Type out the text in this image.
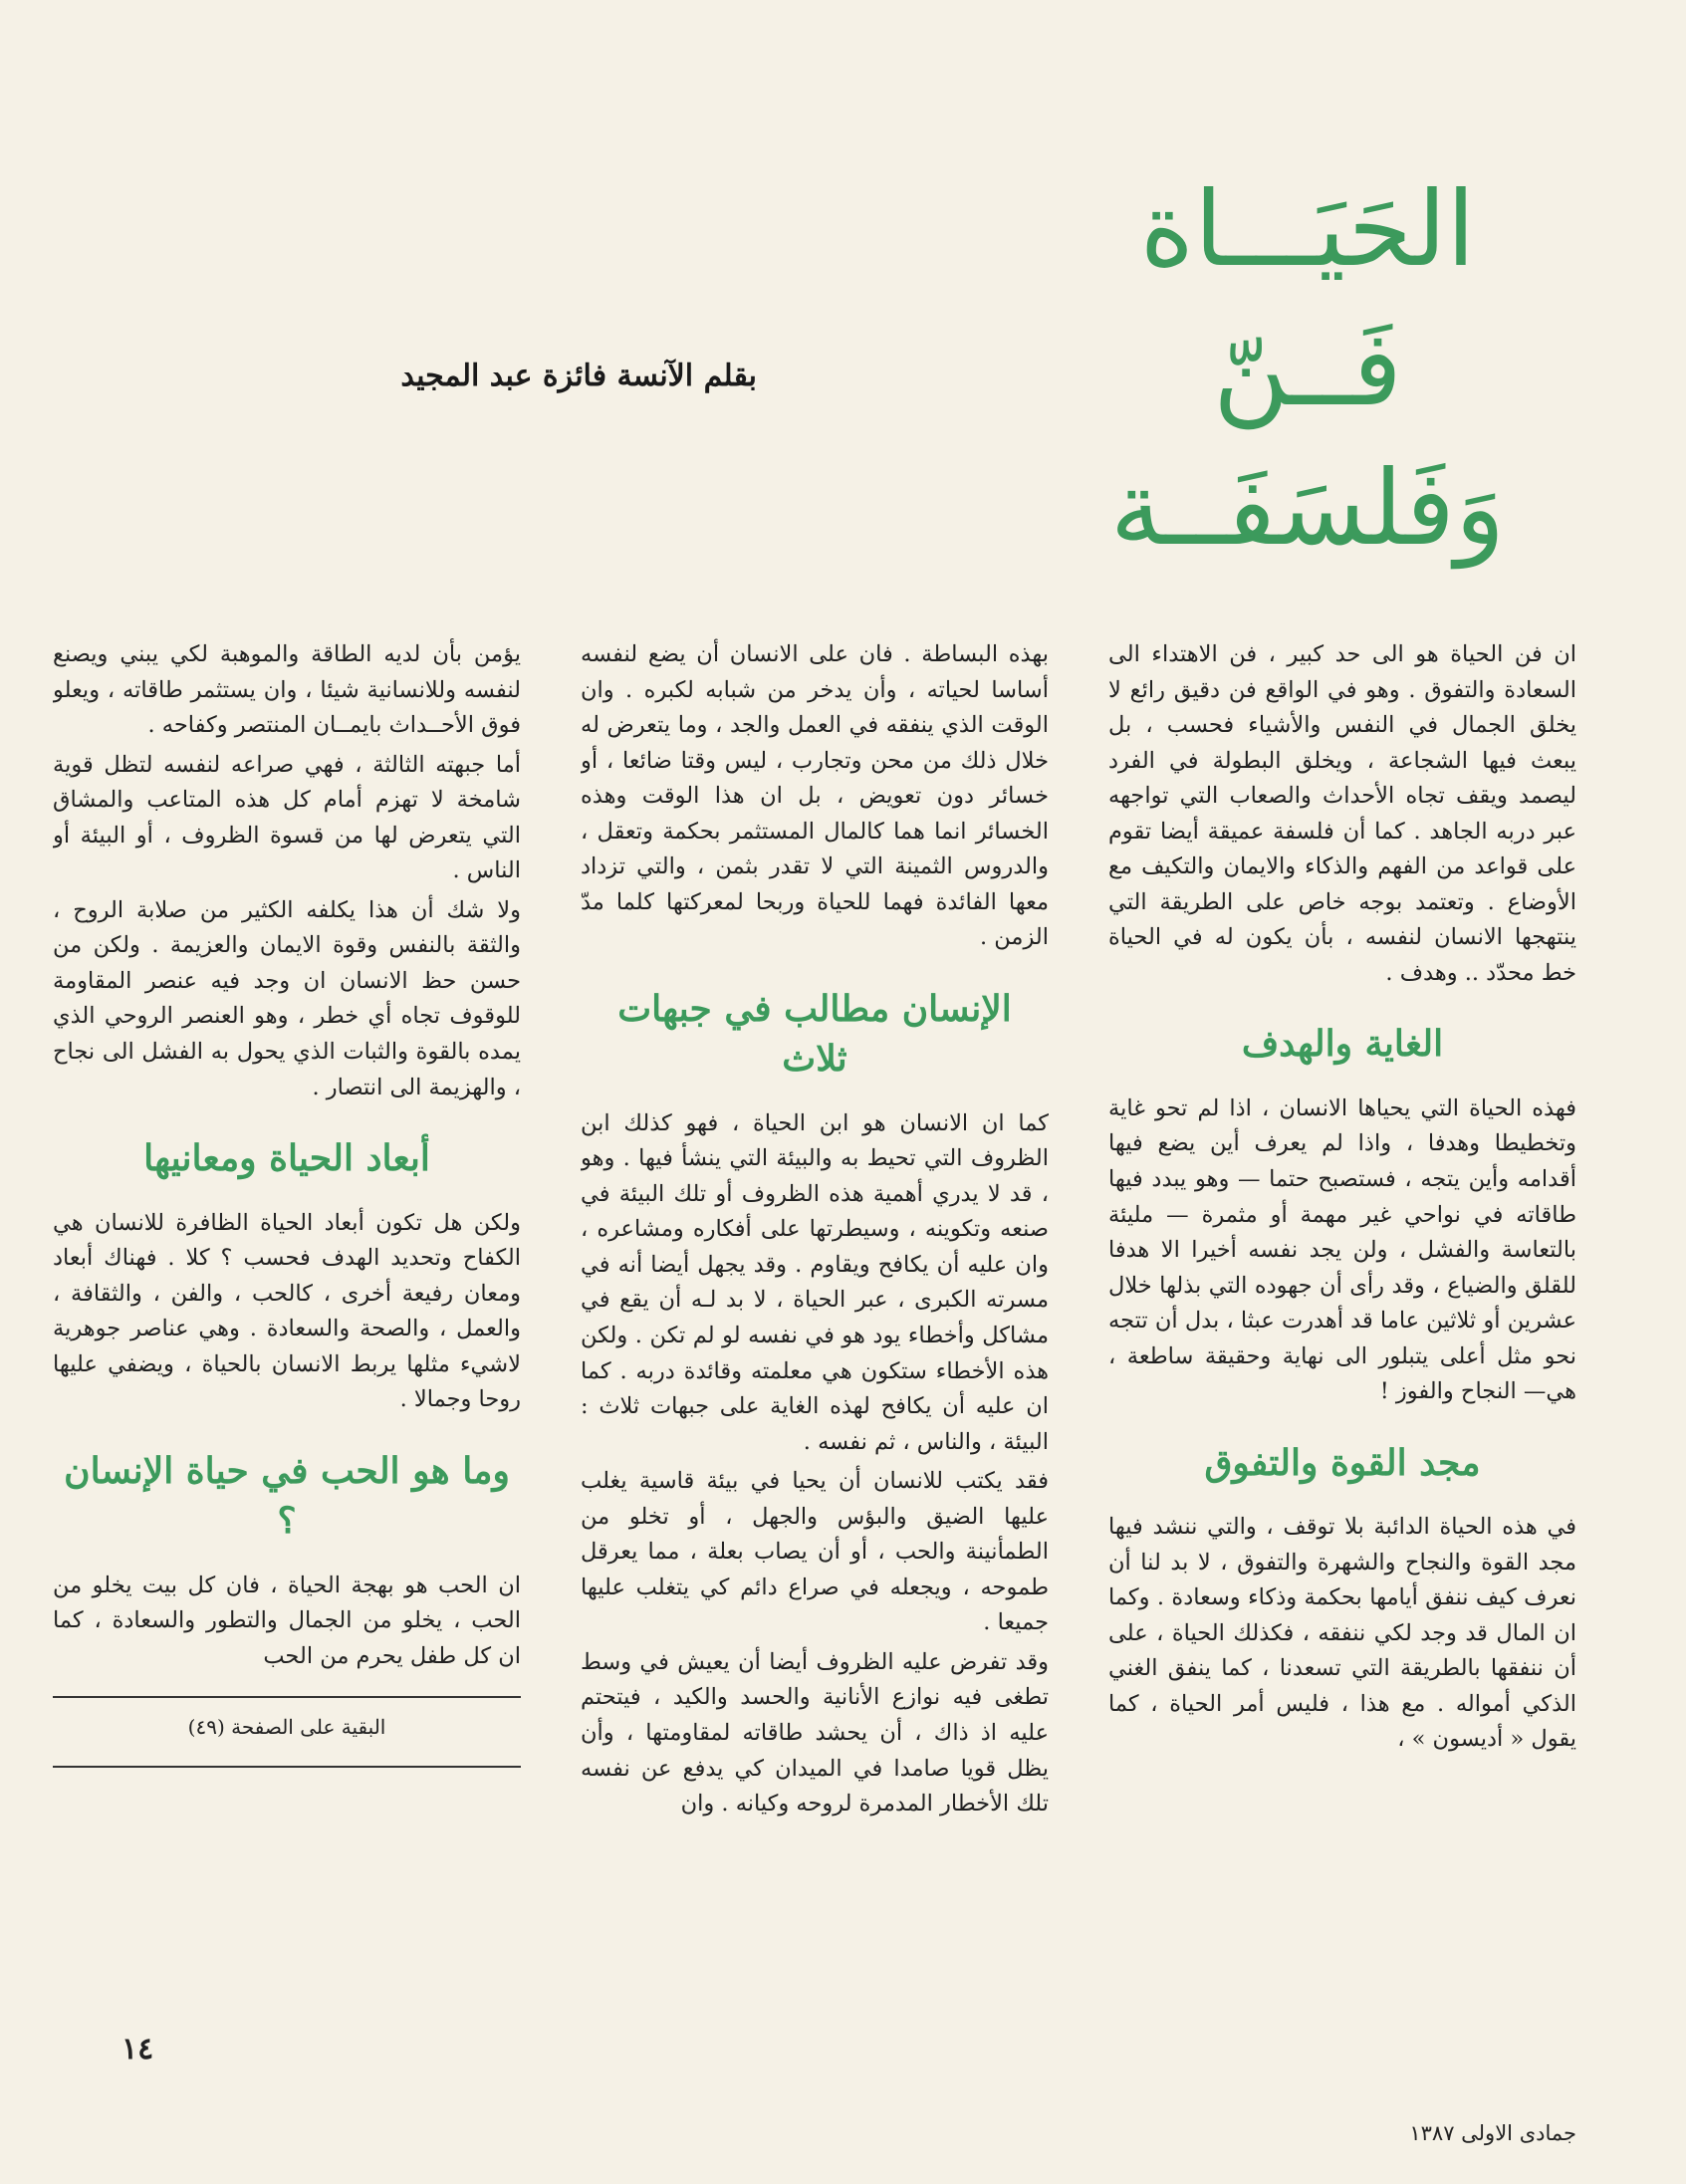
الحَيَـــاة
فَــنّ
وَفَلسَفَــة
بقلم الآنسة فائزة عبد المجيد

ان فن الحياة هو الى حد كبير ، فن الاهتداء الى السعادة والتفوق . وهو في الواقع فن دقيق رائع لا يخلق الجمال في النفس والأشياء فحسب ، بل يبعث فيها الشجاعة ، ويخلق البطولة في الفرد ليصمد ويقف تجاه الأحداث والصعاب التي تواجهه عبر دربه الجاهد . كما أن فلسفة عميقة أيضا تقوم على قواعد من الفهم والذكاء والايمان والتكيف مع الأوضاع . وتعتمد بوجه خاص على الطريقة التي ينتهجها الانسان لنفسه ، بأن يكون له في الحياة خط محدّد .. وهدف .

الغاية والهدف

فهذه الحياة التي يحياها الانسان ، اذا لم تحو غاية وتخطيطا وهدفا ، واذا لم يعرف أين يضع فيها أقدامه وأين يتجه ، فستصبح حتما — وهو يبدد فيها طاقاته في نواحي غير مهمة أو مثمرة — مليئة بالتعاسة والفشل ، ولن يجد نفسه أخيرا الا هدفا للقلق والضياع ، وقد رأى أن جهوده التي بذلها خلال عشرين أو ثلاثين عاما قد أهدرت عبثا ، بدل أن تتجه نحو مثل أعلى يتبلور الى نهاية وحقيقة ساطعة ، هي— النجاح والفوز !

مجد القوة والتفوق

في هذه الحياة الدائبة بلا توقف ، والتي ننشد فيها مجد القوة والنجاح والشهرة والتفوق ، لا بد لنا أن نعرف كيف ننفق أيامها بحكمة وذكاء وسعادة . وكما ان المال قد وجد لكي ننفقه ، فكذلك الحياة ، على أن ننفقها بالطريقة التي تسعدنا ، كما ينفق الغني الذكي أمواله . مع هذا ، فليس أمر الحياة ، كما يقول « أديسون » ،

بهذه البساطة . فان على الانسان أن يضع لنفسه أساسا لحياته ، وأن يدخر من شبابه لكبره . وان الوقت الذي ينفقه في العمل والجد ، وما يتعرض له خلال ذلك من محن وتجارب ، ليس وقتا ضائعا ، أو خسائر دون تعويض ، بل ان هذا الوقت وهذه الخسائر انما هما كالمال المستثمر بحكمة وتعقل ، والدروس الثمينة التي لا تقدر بثمن ، والتي تزداد معها الفائدة فهما للحياة وربحا لمعركتها كلما مدّ الزمن .

الإنسان مطالب في جبهات ثلاث

كما ان الانسان هو ابن الحياة ، فهو كذلك ابن الظروف التي تحيط به والبيئة التي ينشأ فيها . وهو ، قد لا يدري أهمية هذه الظروف أو تلك البيئة في صنعه وتكوينه ، وسيطرتها على أفكاره ومشاعره ، وان عليه أن يكافح ويقاوم . وقد يجهل أيضا أنه في مسرته الكبرى ، عبر الحياة ، لا بد لـه أن يقع في مشاكل وأخطاء يود هو في نفسه لو لم تكن . ولكن هذه الأخطاء ستكون هي معلمته وقائدة دربه . كما ان عليه أن يكافح لهذه الغاية على جبهات ثلاث : البيئة ، والناس ، ثم نفسه .

فقد يكتب للانسان أن يحيا في بيئة قاسية يغلب عليها الضيق والبؤس والجهل ، أو تخلو من الطمأنينة والحب ، أو أن يصاب بعلة ، مما يعرقل طموحه ، ويجعله في صراع دائم كي يتغلب عليها جميعا .

وقد تفرض عليه الظروف أيضا أن يعيش في وسط تطغى فيه نوازع الأنانية والحسد والكيد ، فيتحتم عليه اذ ذاك ، أن يحشد طاقاته لمقاومتها ، وأن يظل قويا صامدا في الميدان كي يدفع عن نفسه تلك الأخطار المدمرة لروحه وكيانه . وان

يؤمن بأن لديه الطاقة والموهبة لكي يبني ويصنع لنفسه وللانسانية شيئا ، وان يستثمر طاقاته ، ويعلو فوق الأحــداث بايمــان المنتصر وكفاحه .

أما جبهته الثالثة ، فهي صراعه لنفسه لتظل قوية شامخة لا تهزم أمام كل هذه المتاعب والمشاق التي يتعرض لها من قسوة الظروف ، أو البيئة أو الناس .

ولا شك أن هذا يكلفه الكثير من صلابة الروح ، والثقة بالنفس وقوة الايمان والعزيمة . ولكن من حسن حظ الانسان ان وجد فيه عنصر المقاومة للوقوف تجاه أي خطر ، وهو العنصر الروحي الذي يمده بالقوة والثبات الذي يحول به الفشل الى نجاح ، والهزيمة الى انتصار .

أبعاد الحياة ومعانيها

ولكن هل تكون أبعاد الحياة الظافرة للانسان هي الكفاح وتحديد الهدف فحسب ؟ كلا . فهناك أبعاد ومعان رفيعة أخرى ، كالحب ، والفن ، والثقافة ، والعمل ، والصحة والسعادة . وهي عناصر جوهرية لاشيء مثلها يربط الانسان بالحياة ، ويضفي عليها روحا وجمالا .

وما هو الحب في حياة الإنسان ؟

ان الحب هو بهجة الحياة ، فان كل بيت يخلو من الحب ، يخلو من الجمال والتطور والسعادة ، كما ان كل طفل يحرم من الحب

البقية على الصفحة (٤٩)
١٤
جمادى الاولى ١٣٨٧
